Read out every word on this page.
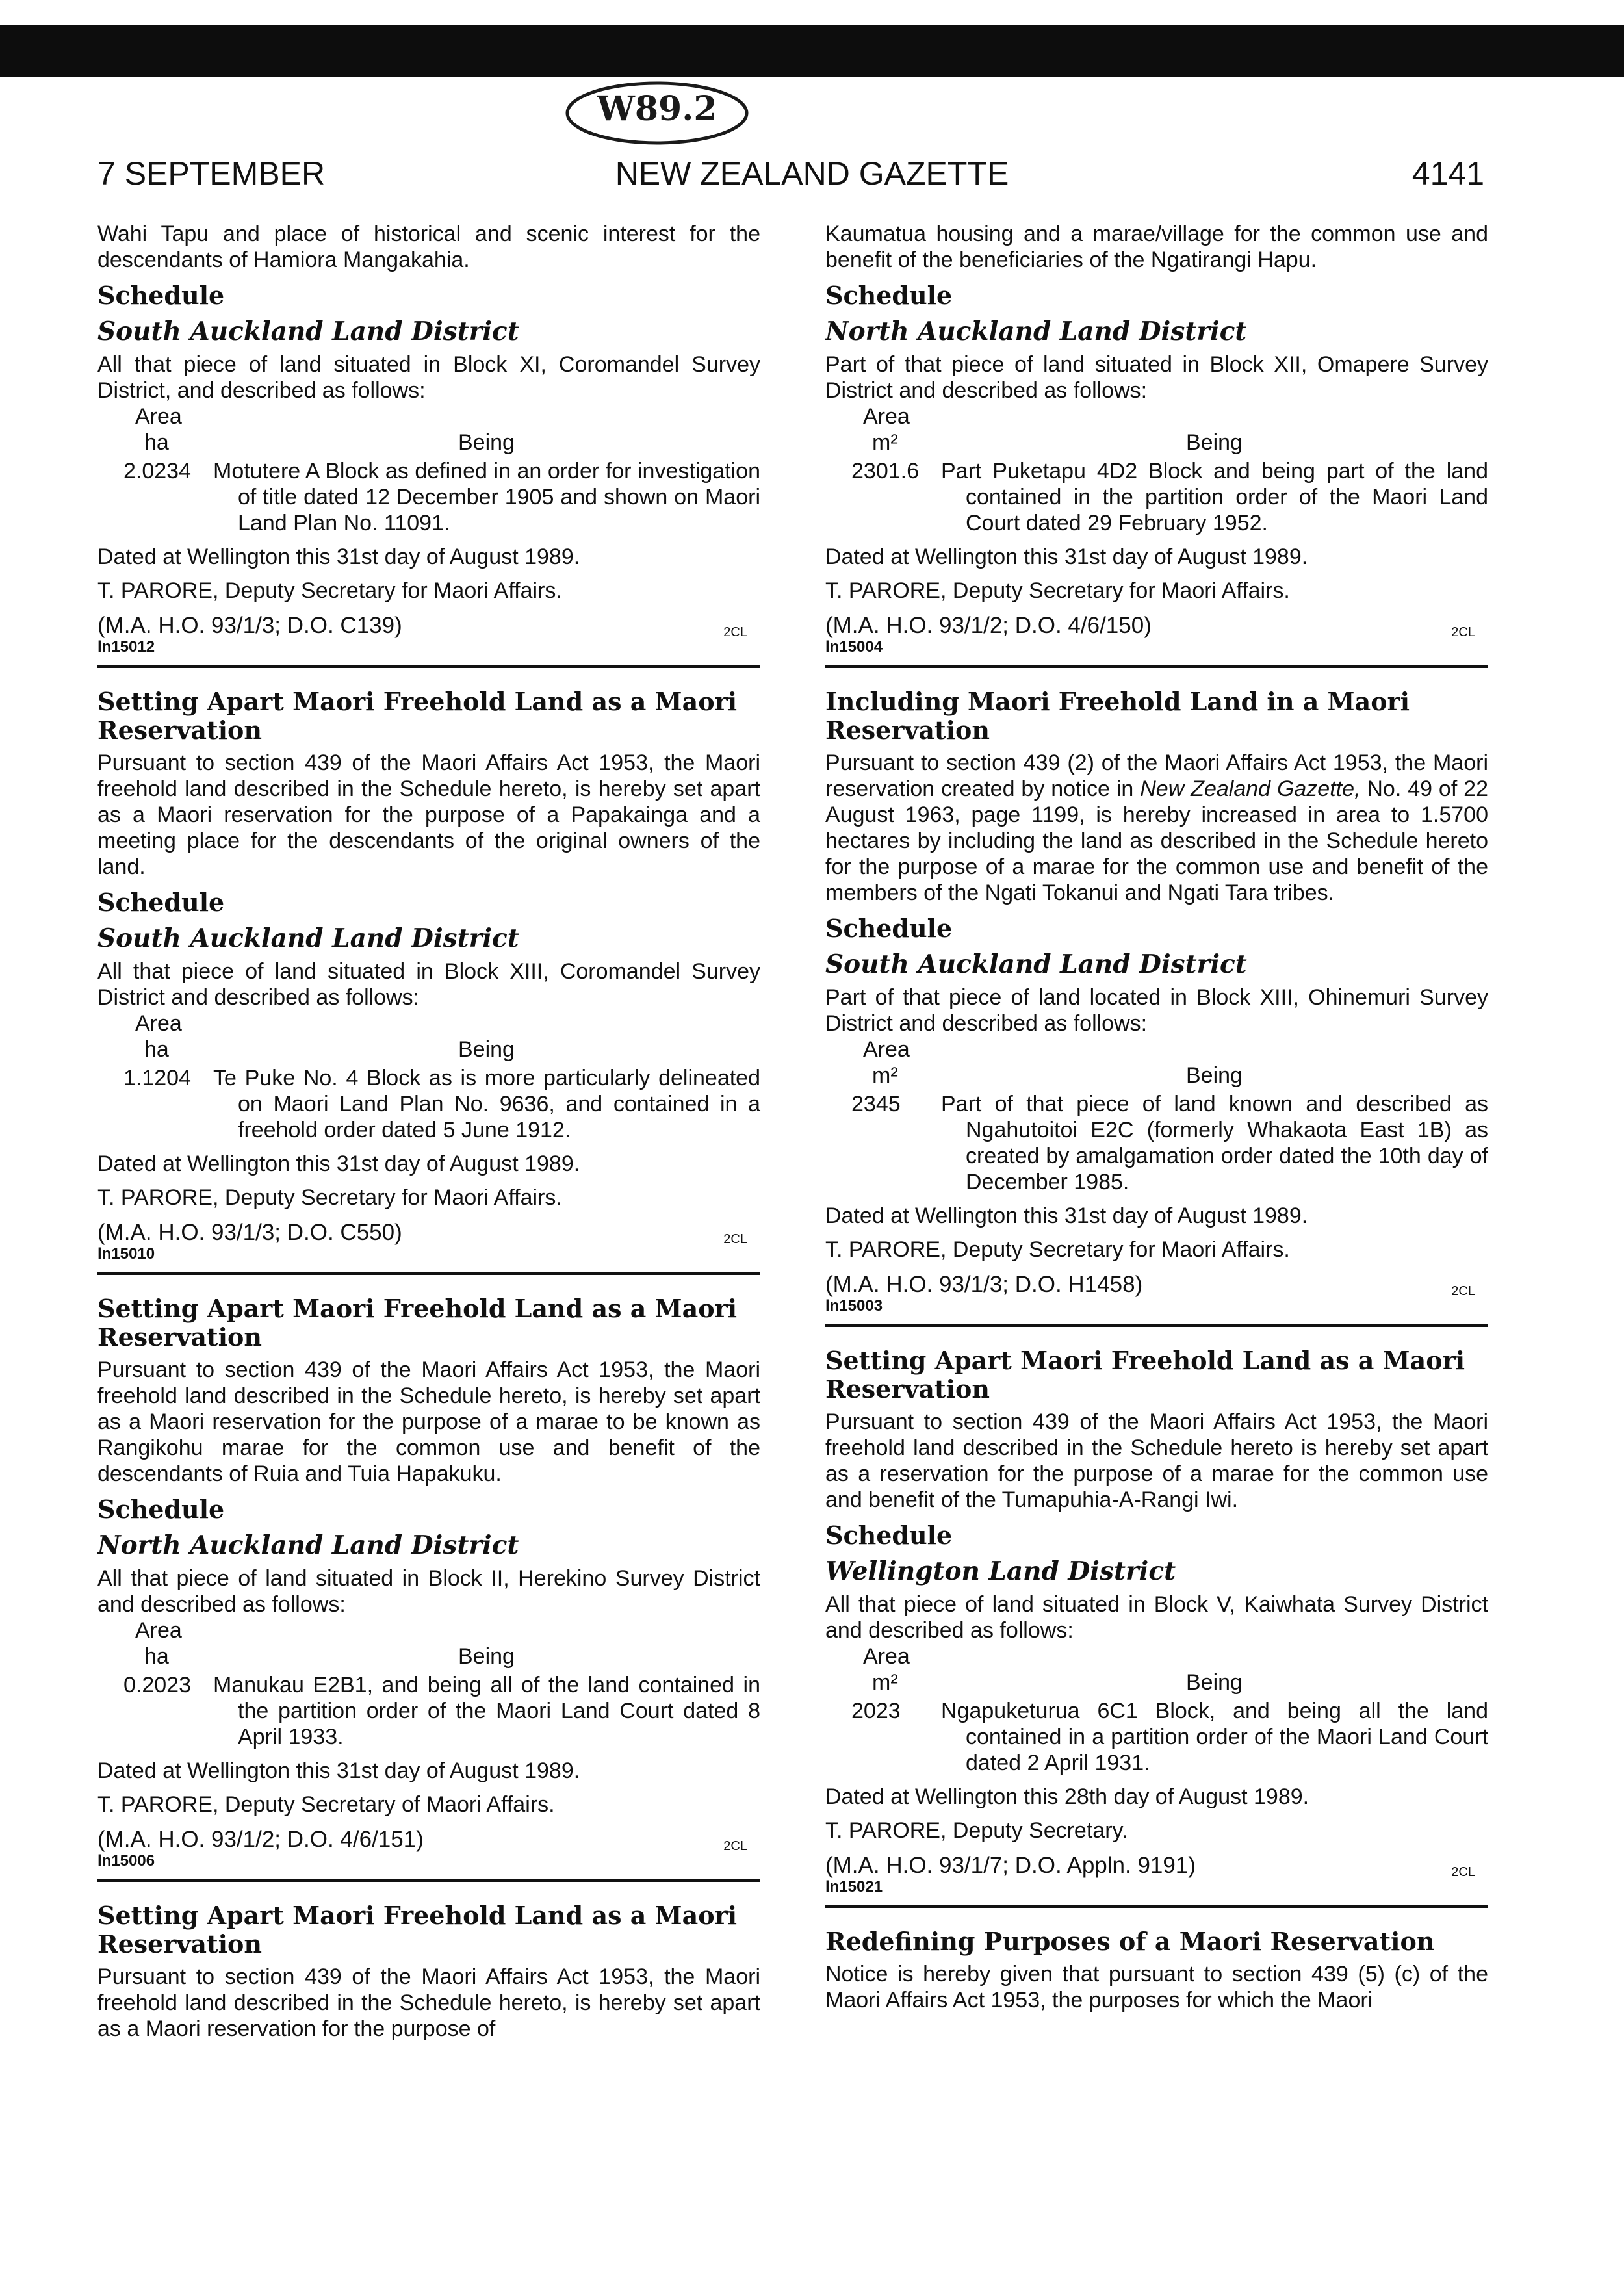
W89.2
7 SEPTEMBER	NEW ZEALAND GAZETTE	4141

Wahi Tapu and place of historical and scenic interest for the descendants of Hamiora Mangakahia.

Schedule
South Auckland Land District

All that piece of land situated in Block XI, Coromandel Survey District, and described as follows:

Area
ha	Being
2.0234	Motutere A Block as defined in an order for investigation of title dated 12 December 1905 and shown on Maori Land Plan No. 11091.

Dated at Wellington this 31st day of August 1989.

T. PARORE, Deputy Secretary for Maori Affairs.

(M.A. H.O. 93/1/3; D.O. C139)	2CL
ln15012
Setting Apart Maori Freehold Land as a Maori Reservation

Pursuant to section 439 of the Maori Affairs Act 1953, the Maori freehold land described in the Schedule hereto, is hereby set apart as a Maori reservation for the purpose of a Papakainga and a meeting place for the descendants of the original owners of the land.

Schedule
South Auckland Land District

All that piece of land situated in Block XIII, Coromandel Survey District and described as follows:

Area
ha	Being
1.1204	Te Puke No. 4 Block as is more particularly delineated on Maori Land Plan No. 9636, and contained in a freehold order dated 5 June 1912.

Dated at Wellington this 31st day of August 1989.

T. PARORE, Deputy Secretary for Maori Affairs.

(M.A. H.O. 93/1/3; D.O. C550)	2CL
ln15010
Setting Apart Maori Freehold Land as a Maori Reservation

Pursuant to section 439 of the Maori Affairs Act 1953, the Maori freehold land described in the Schedule hereto, is hereby set apart as a Maori reservation for the purpose of a marae to be known as Rangikohu marae for the common use and benefit of the descendants of Ruia and Tuia Hapakuku.

Schedule
North Auckland Land District

All that piece of land situated in Block II, Herekino Survey District and described as follows:

Area
ha	Being
0.2023	Manukau E2B1, and being all of the land contained in the partition order of the Maori Land Court dated 8 April 1933.

Dated at Wellington this 31st day of August 1989.

T. PARORE, Deputy Secretary of Maori Affairs.

(M.A. H.O. 93/1/2; D.O. 4/6/151)	2CL
ln15006
Setting Apart Maori Freehold Land as a Maori Reservation

Pursuant to section 439 of the Maori Affairs Act 1953, the Maori freehold land described in the Schedule hereto, is hereby set apart as a Maori reservation for the purpose of

Kaumatua housing and a marae/village for the common use and benefit of the beneficiaries of the Ngatirangi Hapu.

Schedule
North Auckland Land District

Part of that piece of land situated in Block XII, Omapere Survey District and described as follows:

Area
m²	Being
2301.6	Part Puketapu 4D2 Block and being part of the land contained in the partition order of the Maori Land Court dated 29 February 1952.

Dated at Wellington this 31st day of August 1989.

T. PARORE, Deputy Secretary for Maori Affairs.

(M.A. H.O. 93/1/2; D.O. 4/6/150)	2CL
ln15004
Including Maori Freehold Land in a Maori Reservation

Pursuant to section 439 (2) of the Maori Affairs Act 1953, the Maori reservation created by notice in New Zealand Gazette, No. 49 of 22 August 1963, page 1199, is hereby increased in area to 1.5700 hectares by including the land as described in the Schedule hereto for the purpose of a marae for the common use and benefit of the members of the Ngati Tokanui and Ngati Tara tribes.

Schedule
South Auckland Land District

Part of that piece of land located in Block XIII, Ohinemuri Survey District and described as follows:

Area
m²	Being
2345	Part of that piece of land known and described as Ngahutoitoi E2C (formerly Whakaota East 1B) as created by amalgamation order dated the 10th day of December 1985.

Dated at Wellington this 31st day of August 1989.

T. PARORE, Deputy Secretary for Maori Affairs.

(M.A. H.O. 93/1/3; D.O. H1458)	2CL
ln15003
Setting Apart Maori Freehold Land as a Maori Reservation

Pursuant to section 439 of the Maori Affairs Act 1953, the Maori freehold land described in the Schedule hereto is hereby set apart as a reservation for the purpose of a marae for the common use and benefit of the Tumapuhia-A-Rangi Iwi.

Schedule
Wellington Land District

All that piece of land situated in Block V, Kaiwhata Survey District and described as follows:

Area
m²	Being
2023	Ngapuketurua 6C1 Block, and being all the land contained in a partition order of the Maori Land Court dated 2 April 1931.

Dated at Wellington this 28th day of August 1989.

T. PARORE, Deputy Secretary.

(M.A. H.O. 93/1/7; D.O. Appln. 9191)	2CL
ln15021
Redefining Purposes of a Maori Reservation

Notice is hereby given that pursuant to section 439 (5) (c) of the Maori Affairs Act 1953, the purposes for which the Maori
